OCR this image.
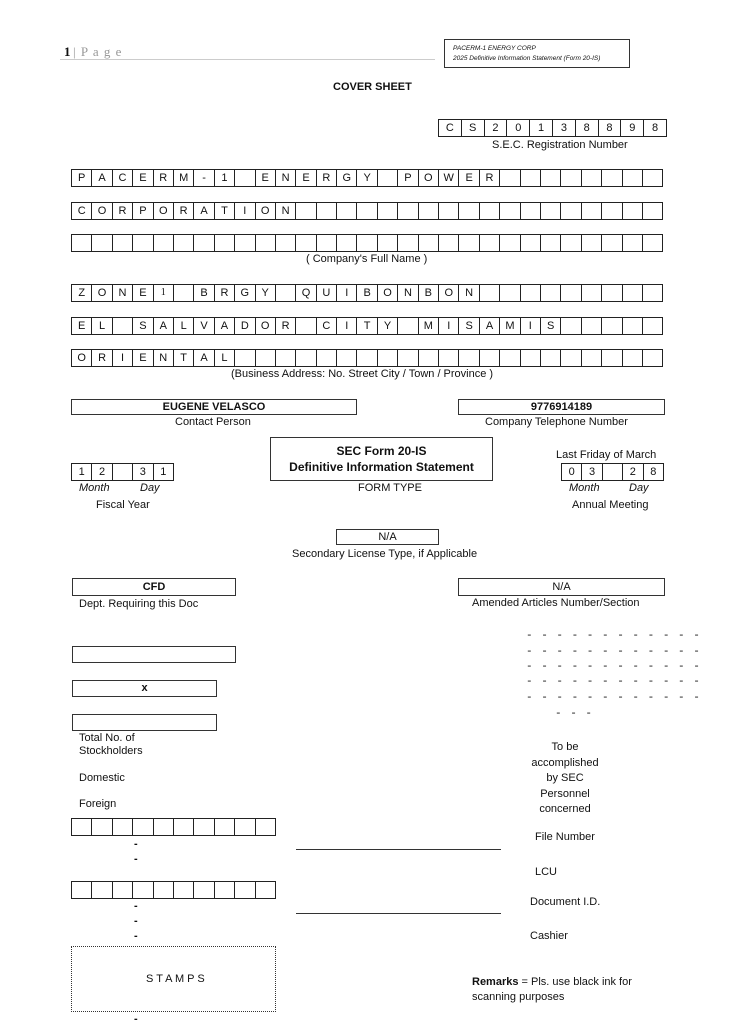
1 | P a g e	PACERM-1 ENERGY CORP
2025 Definitive Information Statement (Form 20-IS)
COVER SHEET
C	S	2	0	1	3	8	8	9	8
S.E.C. Registration Number
P	A	C	E	R	M	-	1	E	N	E	R	G	Y	P	O W	E	R
C	O	R	P	O	R	A	T	I	O	N
( Company's Full Name )
Z	O	N	E	1	B	R	G	Y	Q	U	I	B	O	N	B	O	N
E	L	S	A	L	V	A	D	O	R	C	I	T	Y	M	I	S	A	M	I	S
O	R	I	E	N	T	A	L
(Business Address: No. Street City / Town / Province )
EUGENE VELASCO
Contact Person
9776914189
Company Telephone Number
SEC Form 20-IS
Definitive Information Statement
FORM TYPE
1	2	3	1
Month	Day
Fiscal Year
Last Friday of March
0	3	2	8
Month	Day
Annual Meeting
N/A
Secondary License Type, if Applicable
CFD
Dept. Requiring this Doc
N/A
Amended Articles Number/Section
- - - - - - - - - - - -
- - - - - - - - - - - -
- - - - - - - - - - - -
- - - - - - - - - - - -
- - - - - - - - - - - -
- - -
x
Total No. of
Stockholders
Domestic
Foreign
To be
accomplished
by SEC
Personnel
concerned
-
-
File Number
LCU
-
-
-
Document I.D.
Cashier
S T A M P S
-
Remarks = Pls. use black ink for
scanning purposes
